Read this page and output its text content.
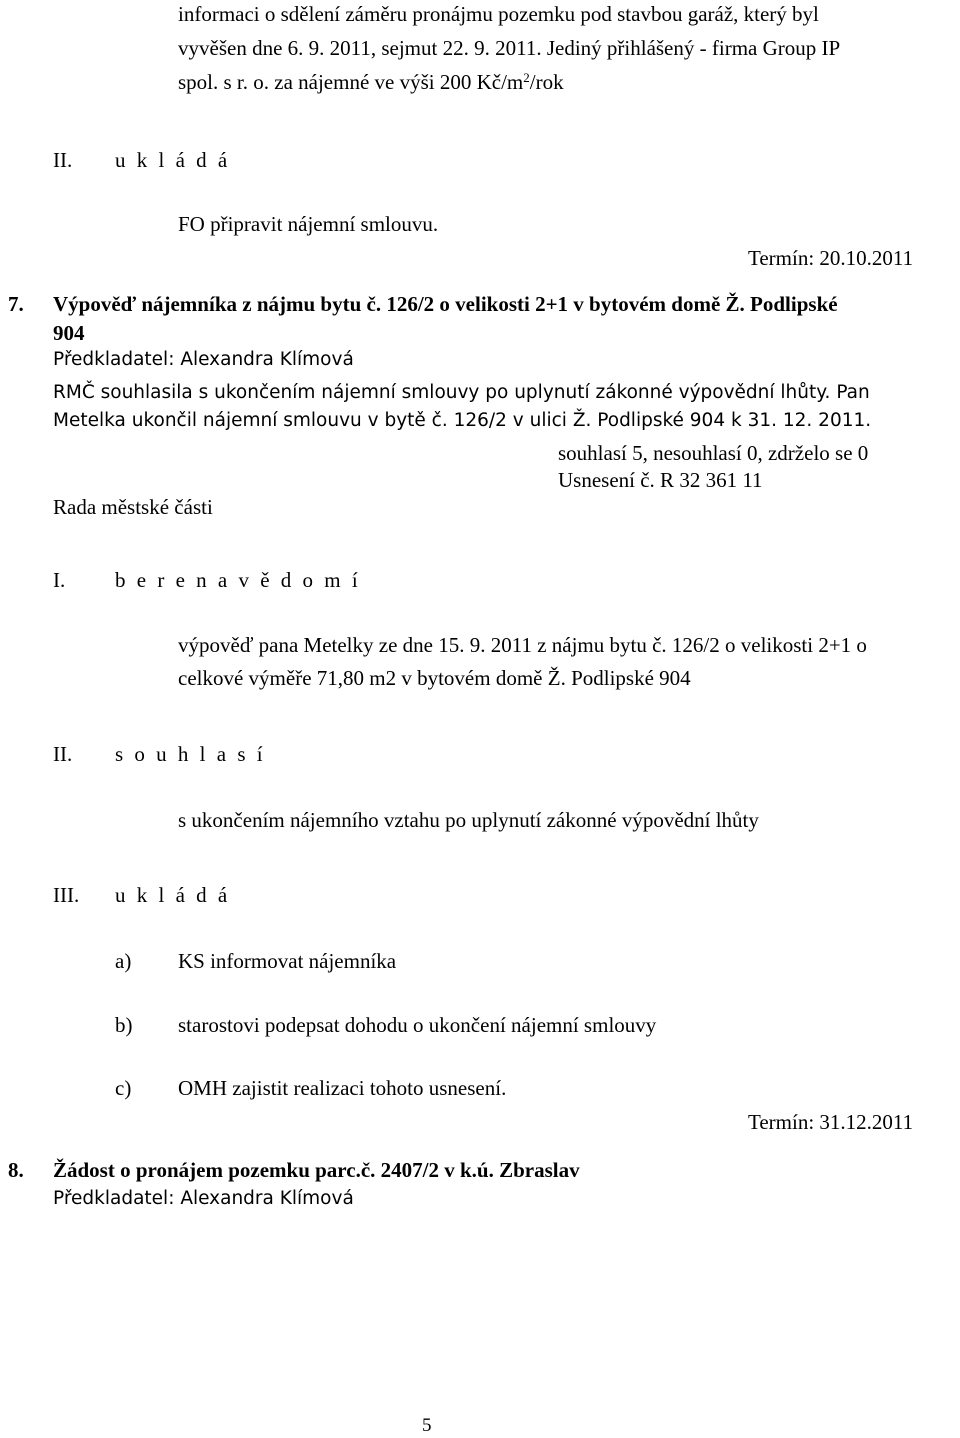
informaci o sdělení záměru pronájmu pozemku pod stavbou garáž, který byl
vyvěšen dne 6. 9. 2011, sejmut 22. 9. 2011. Jediný přihlášený - firma Group IP
spol. s r. o. za nájemné ve výši 200 $Kč/m^2$/rok
II. u k l á d á
FO připravit nájemní smlouvu.
Termín: 20.10.2011
7. Výpověď nájemníka z nájmu bytu č. 126/2 o velikosti 2+1 v bytovém domě Ž. Podlipské
904
Předkladatel: Alexandra Klímová
RMČ souhlasila s ukončením nájemní smlouvy po uplynutí zákonné výpovědní lhůty. Pan
Metelka ukončil nájemní smlouvu v bytě č. 126/2 v ulici Ž. Podlipské 904 k 31. 12. 2011.
souhlasí 5, nesouhlasí 0, zdrželo se 0
Usnesení č. R 32 361 11
Rada městské části
I. b e r e n a v ě d o m í
výpověď pana Metelky ze dne 15. 9. 2011 z nájmu bytu č. 126/2 o velikosti 2+1 o
celkové výměře 71,80 m2 v bytovém domě Ž. Podlipské 904
II. s o u h l a s í
s ukončením nájemního vztahu po uplynutí zákonné výpovědní lhůty
III. u k l á d á
a) KS informovat nájemníka
b) starostovi podepsat dohodu o ukončení nájemní smlouvy
c) OMH zajistit realizaci tohoto usnesení.
Termín: 31.12.2011
8. Žádost o pronájem pozemku parc.č. 2407/2 v k.ú. Zbraslav
Předkladatel: Alexandra Klímová
5
